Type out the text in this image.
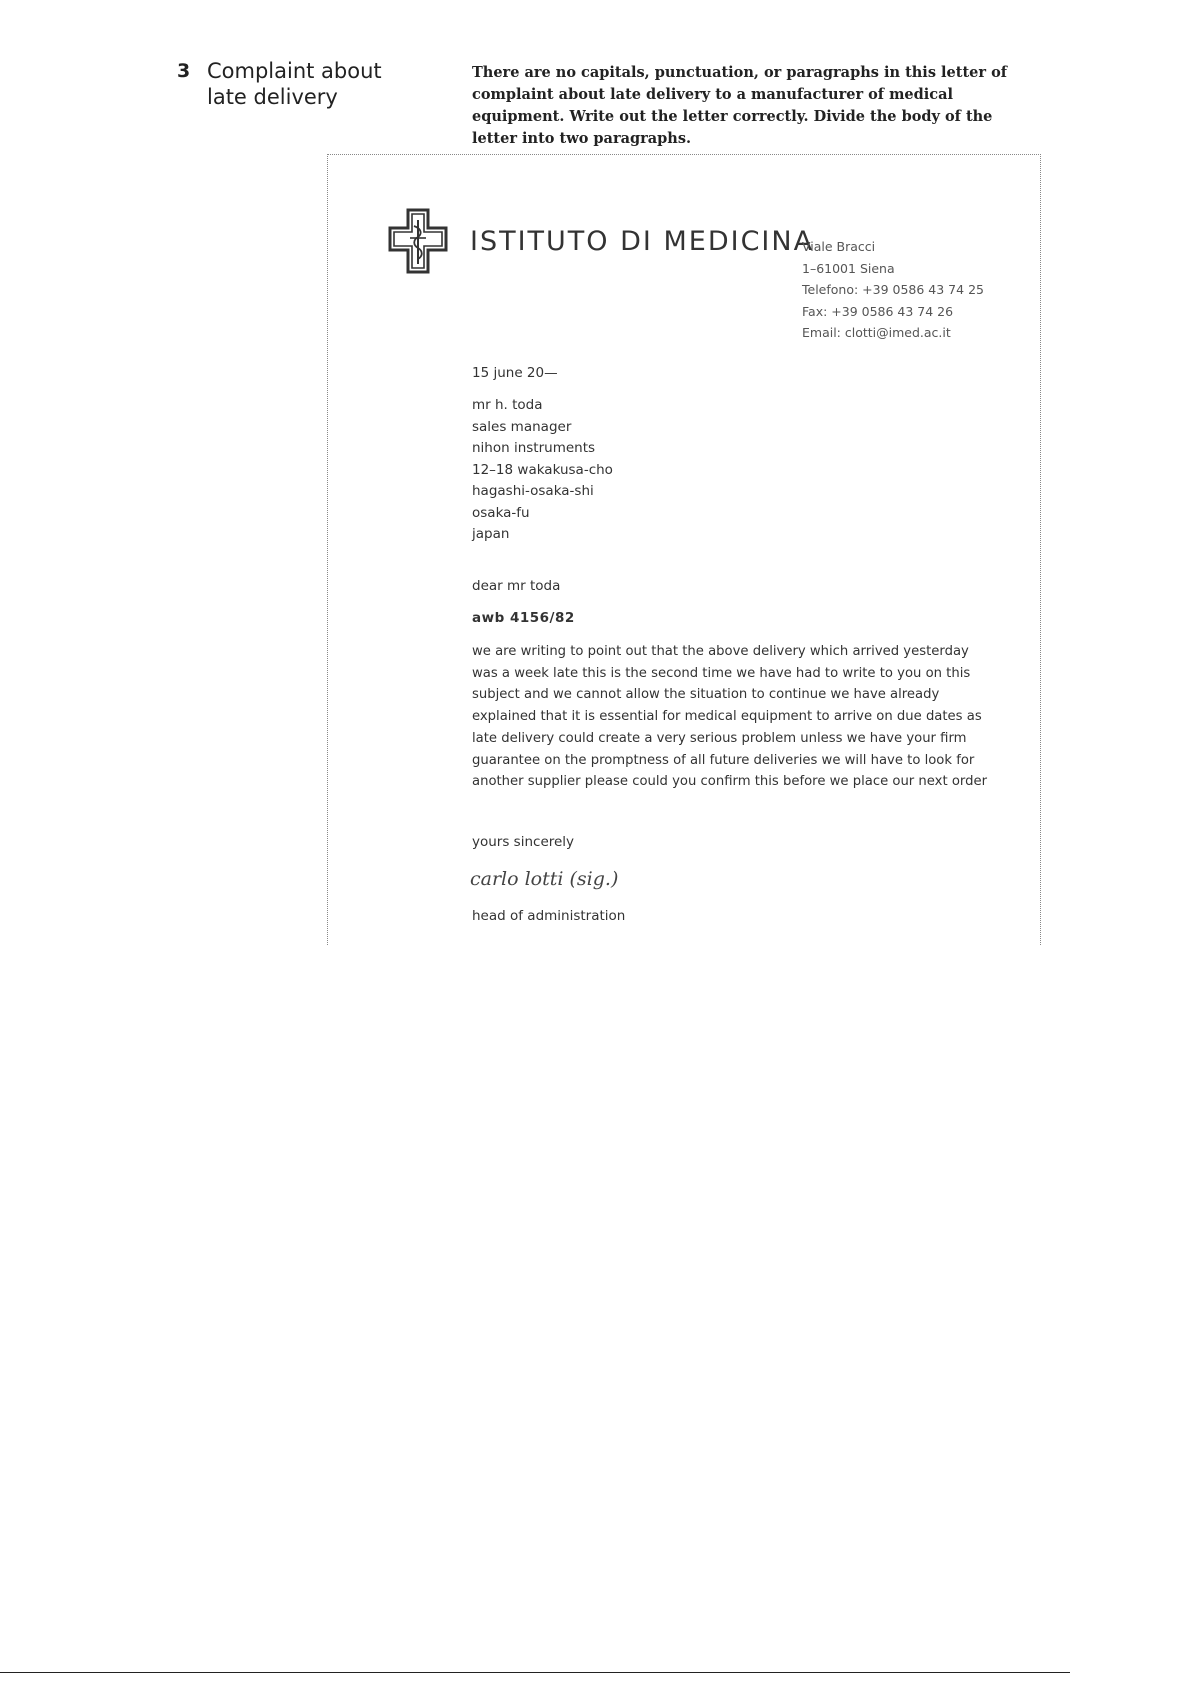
3 Complaint about late delivery
There are no capitals, punctuation, or paragraphs in this letter of complaint about late delivery to a manufacturer of medical equipment. Write out the letter correctly. Divide the body of the letter into two paragraphs.
ISTITUTO DI MEDICINA
Viale Bracci
1–61001 Siena
Telefono: +39 0586 43 74 25
Fax: +39 0586 43 74 26
Email: clotti@imed.ac.it
15 june 20—
mr h. toda
sales manager
nihon instruments
12–18 wakakusa-cho
hagashi-osaka-shi
osaka-fu
japan
dear mr toda
awb 4156/82

we are writing to point out that the above delivery which arrived yesterday was a week late this is the second time we have had to write to you on this subject and we cannot allow the situation to continue we have already explained that it is essential for medical equipment to arrive on due dates as late delivery could create a very serious problem unless we have your firm guarantee on the promptness of all future deliveries we will have to look for another supplier please could you confirm this before we place our next order

yours sincerely
carlo lotti (sig.)
head of administration
